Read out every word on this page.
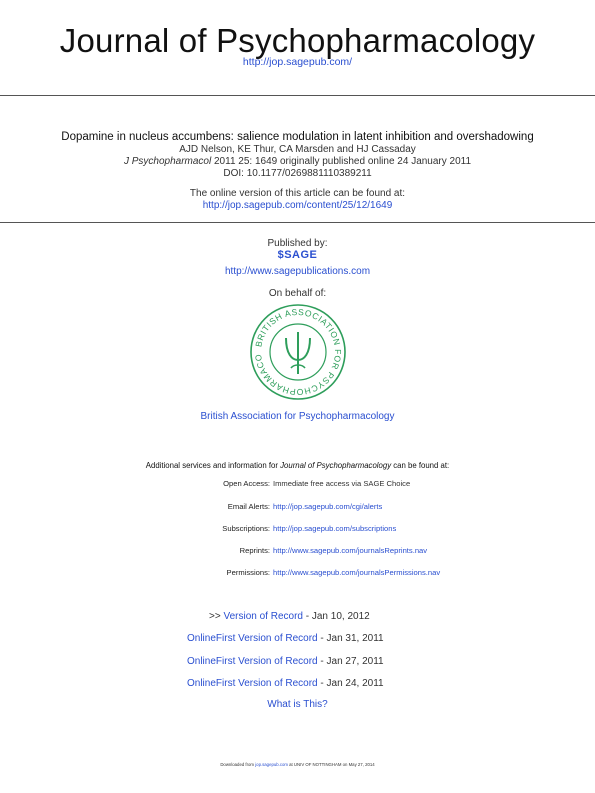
Journal of Psychopharmacology
http://jop.sagepub.com/
Dopamine in nucleus accumbens: salience modulation in latent inhibition and overshadowing
AJD Nelson, KE Thur, CA Marsden and HJ Cassaday
J Psychopharmacol 2011 25: 1649 originally published online 24 January 2011
DOI: 10.1177/0269881110389211
The online version of this article can be found at:
http://jop.sagepub.com/content/25/12/1649
Published by:
$SAGE
http://www.sagepublications.com
On behalf of:
BRITISH ASSOCIATION FOR PSYCHOPHARMACO
British Association for Psychopharmacology
Additional services and information for Journal of Psychopharmacology can be found at:
Open Access: Immediate free access via SAGE Choice
Email Alerts: http://jop.sagepub.com/cgi/alerts
Subscriptions: http://jop.sagepub.com/subscriptions
Reprints: http://www.sagepub.com/journalsReprints.nav
Permissions: http://www.sagepub.com/journalsPermissions.nav
>> Version of Record - Jan 10, 2012
OnlineFirst Version of Record - Jan 31, 2011
OnlineFirst Version of Record - Jan 27, 2011
OnlineFirst Version of Record - Jan 24, 2011
What is This?
Downloaded from jop.sagepub.com at UNIV OF NOTTINGHAM on May 27, 2014
